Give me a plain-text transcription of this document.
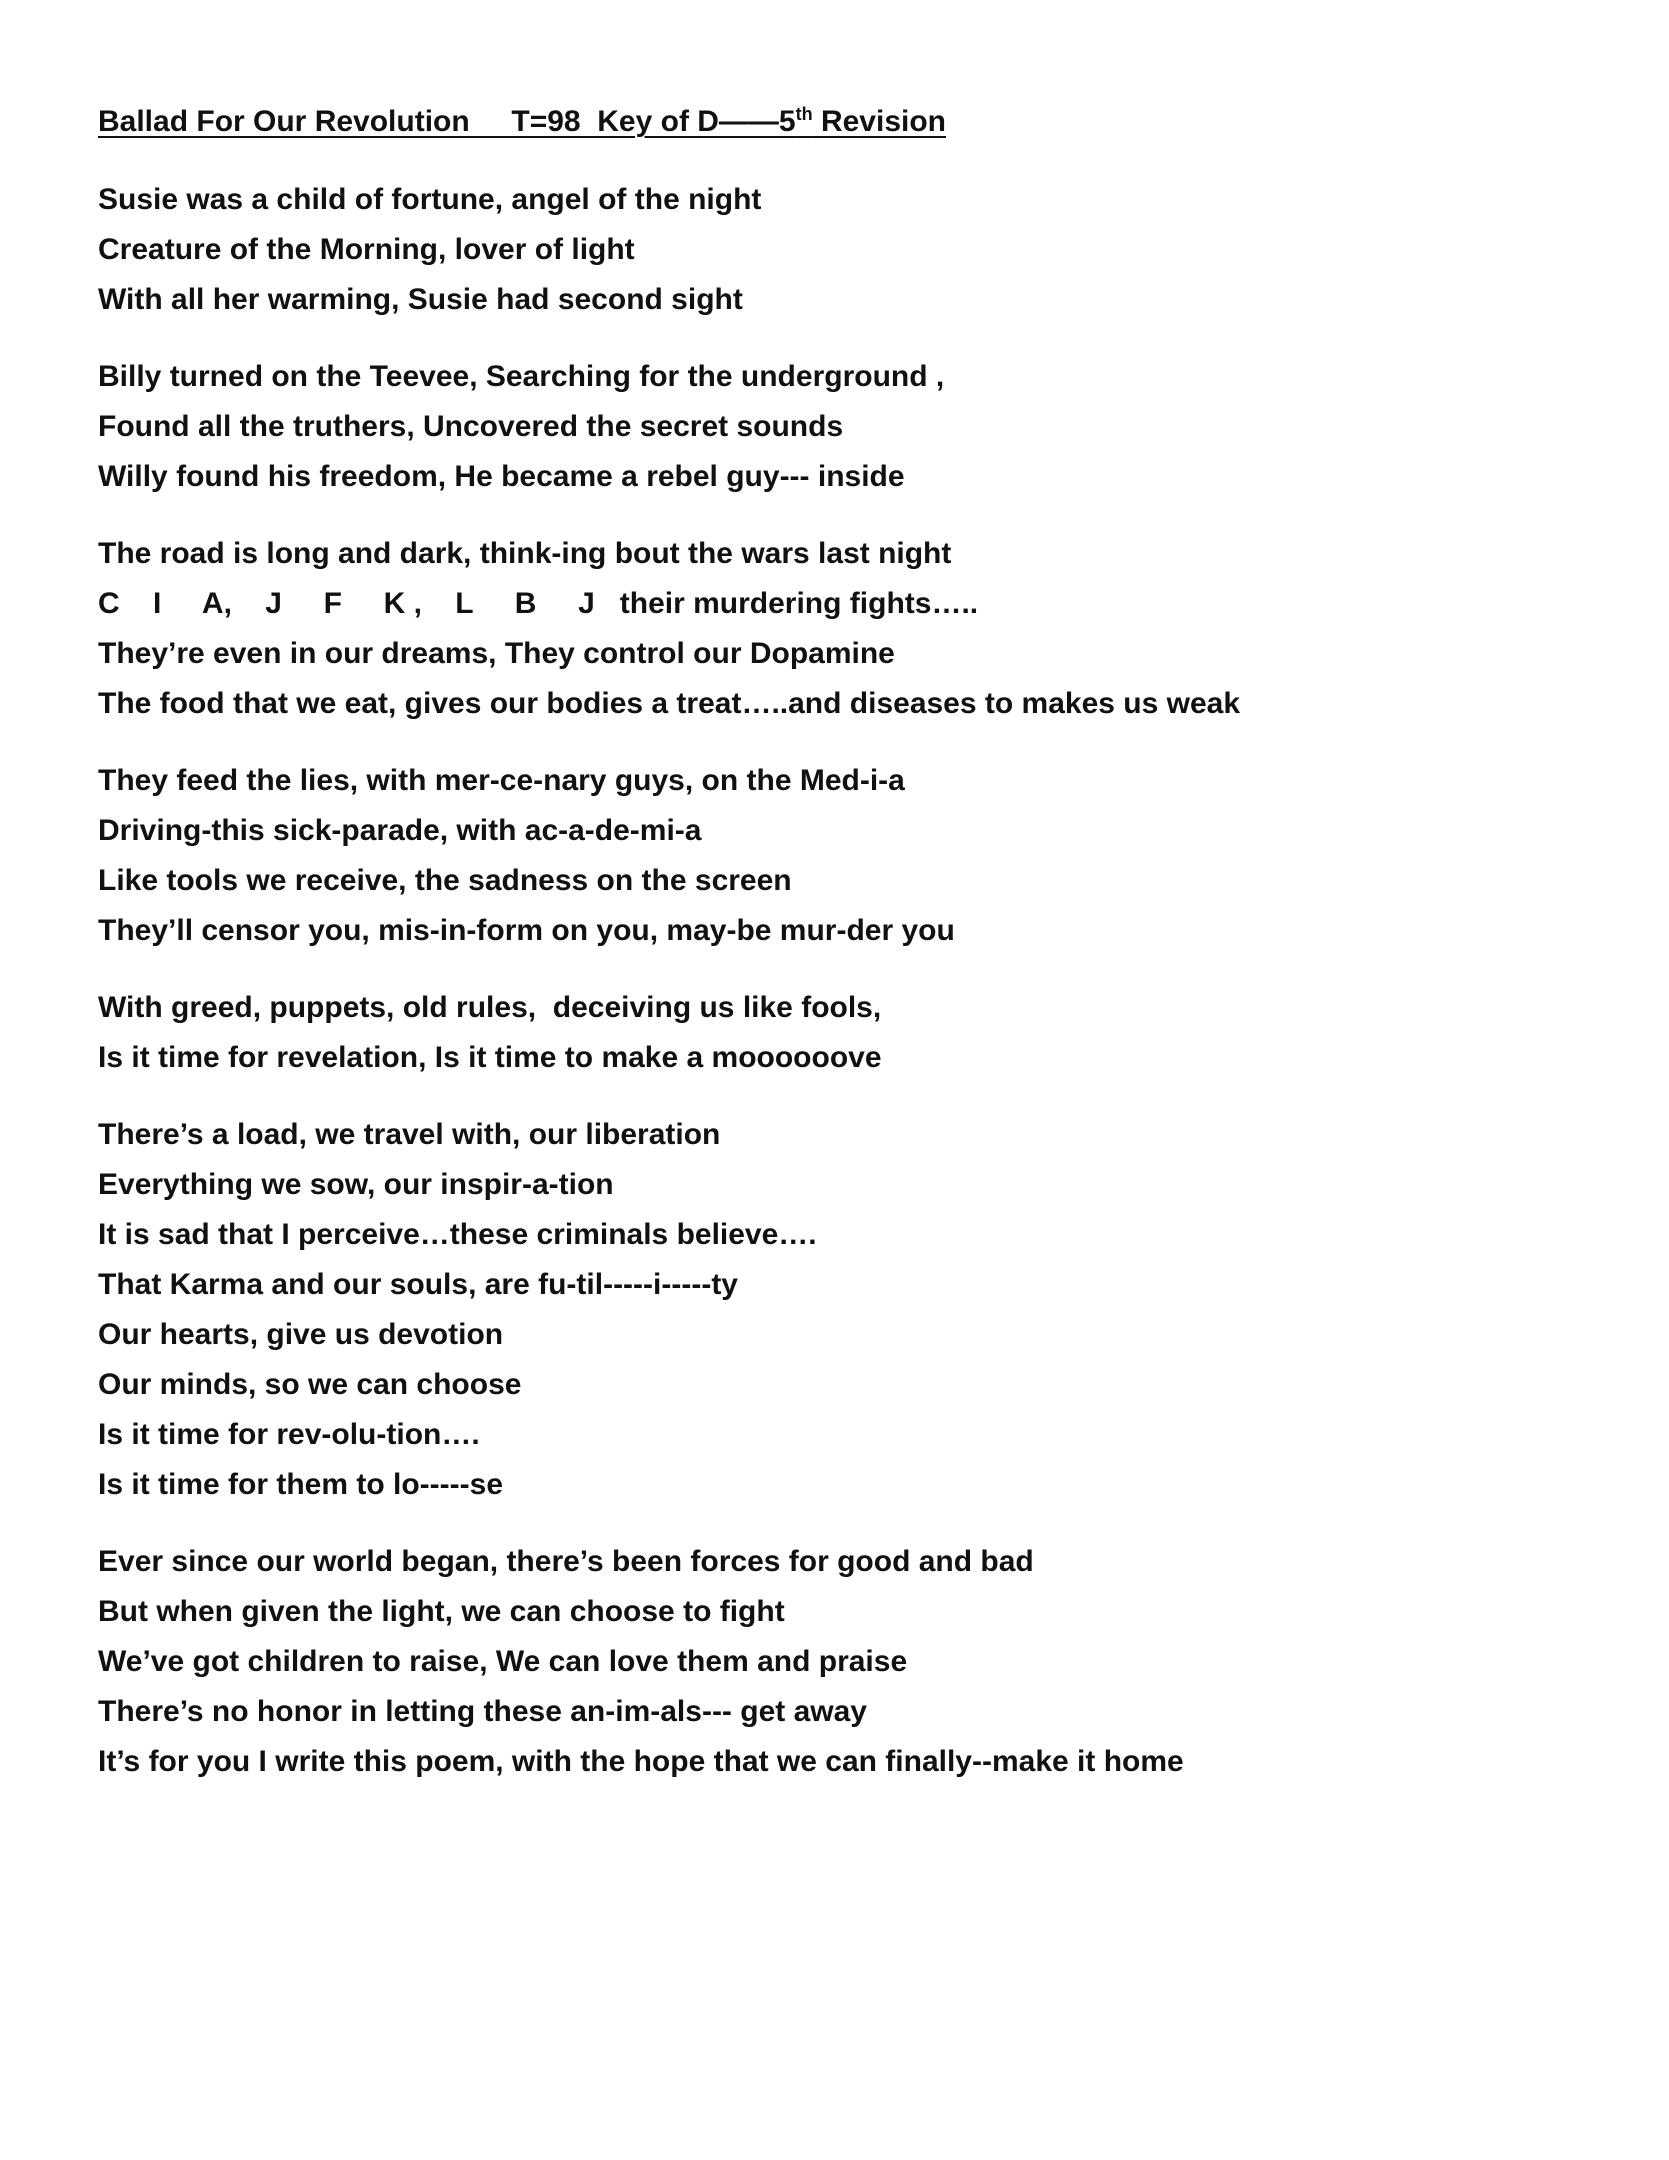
Ballad For Our Revolution     T=98  Key of D——5th Revision
Susie was a child of fortune, angel of the night
Creature of the Morning, lover of light
With all her warming, Susie had second sight
Billy turned on the Teevee, Searching for the underground ,
Found all the truthers, Uncovered the secret sounds
Willy found his freedom, He became a rebel guy--- inside
The road is long and dark, think-ing bout the wars last night
C    I     A,    J     F     K ,    L     B     J   their murdering fights…..
They’re even in our dreams, They control our Dopamine
The food that we eat, gives our bodies a treat…..and diseases to makes us weak
They feed the lies, with mer-ce-nary guys, on the Med-i-a
Driving-this sick-parade, with ac-a-de-mi-a
Like tools we receive, the sadness on the screen
They’ll censor you, mis-in-form on you, may-be mur-der you
With greed, puppets, old rules,  deceiving us like fools,
Is it time for revelation, Is it time to make a moooooove
There’s a load, we travel with, our liberation
Everything we sow, our inspir-a-tion
It is sad that I perceive…these criminals believe….
That Karma and our souls, are fu-til-----i-----ty
Our hearts, give us devotion
Our minds, so we can choose
Is it time for rev-olu-tion….
Is it time for them to lo-----se
Ever since our world began, there’s been forces for good and bad
But when given the light, we can choose to fight
We’ve got children to raise, We can love them and praise
There’s no honor in letting these an-im-als--- get away
It’s for you I write this poem, with the hope that we can finally--make it home
